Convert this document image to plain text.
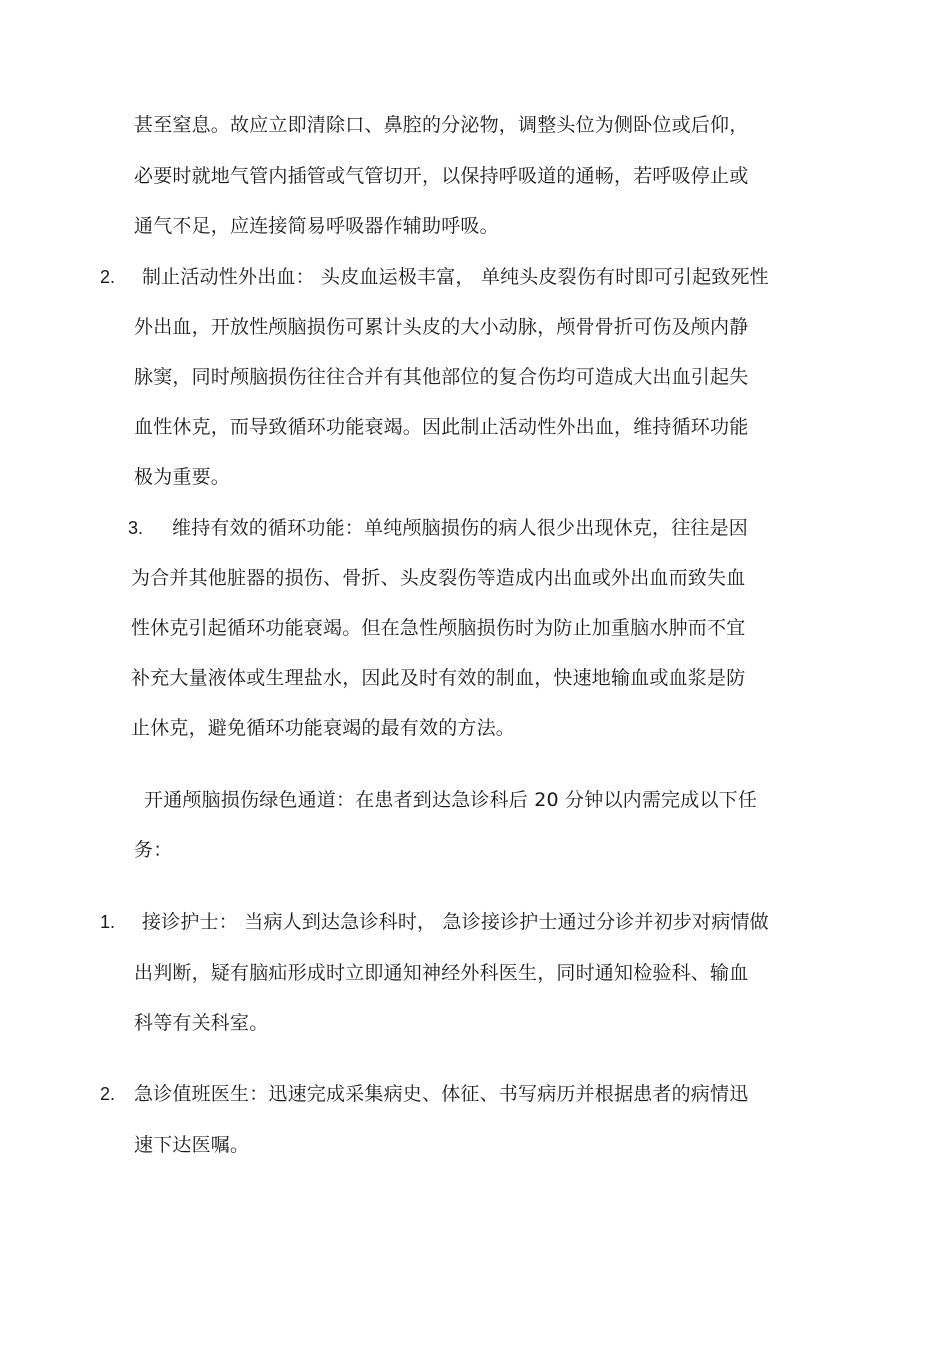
甚至窒息。故应立即清除口、鼻腔的分泌物，调整头位为侧卧位或后仰，
必要时就地气管内插管或气管切开，以保持呼吸道的通畅，若呼吸停止或
通气不足，应连接简易呼吸器作辅助呼吸。
2. 制止活动性外出血： 头皮血运极丰富， 单纯头皮裂伤有时即可引起致死性
外出血，开放性颅脑损伤可累计头皮的大小动脉，颅骨骨折可伤及颅内静
脉窦，同时颅脑损伤往往合并有其他部位的复合伤均可造成大出血引起失
血性休克，而导致循环功能衰竭。因此制止活动性外出血，维持循环功能
极为重要。
3. 维持有效的循环功能：单纯颅脑损伤的病人很少出现休克，往往是因
为合并其他脏器的损伤、骨折、头皮裂伤等造成内出血或外出血而致失血
性休克引起循环功能衰竭。但在急性颅脑损伤时为防止加重脑水肿而不宜
补充大量液体或生理盐水，因此及时有效的制血，快速地输血或血浆是防
止休克，避免循环功能衰竭的最有效的方法。
开通颅脑损伤绿色通道：在患者到达急诊科后 20 分钟以内需完成以下任
务：
1. 接诊护士： 当病人到达急诊科时， 急诊接诊护士通过分诊并初步对病情做
出判断，疑有脑疝形成时立即通知神经外科医生，同时通知检验科、输血
科等有关科室。
2. 急诊值班医生：迅速完成采集病史、体征、书写病历并根据患者的病情迅
速下达医嘱。
